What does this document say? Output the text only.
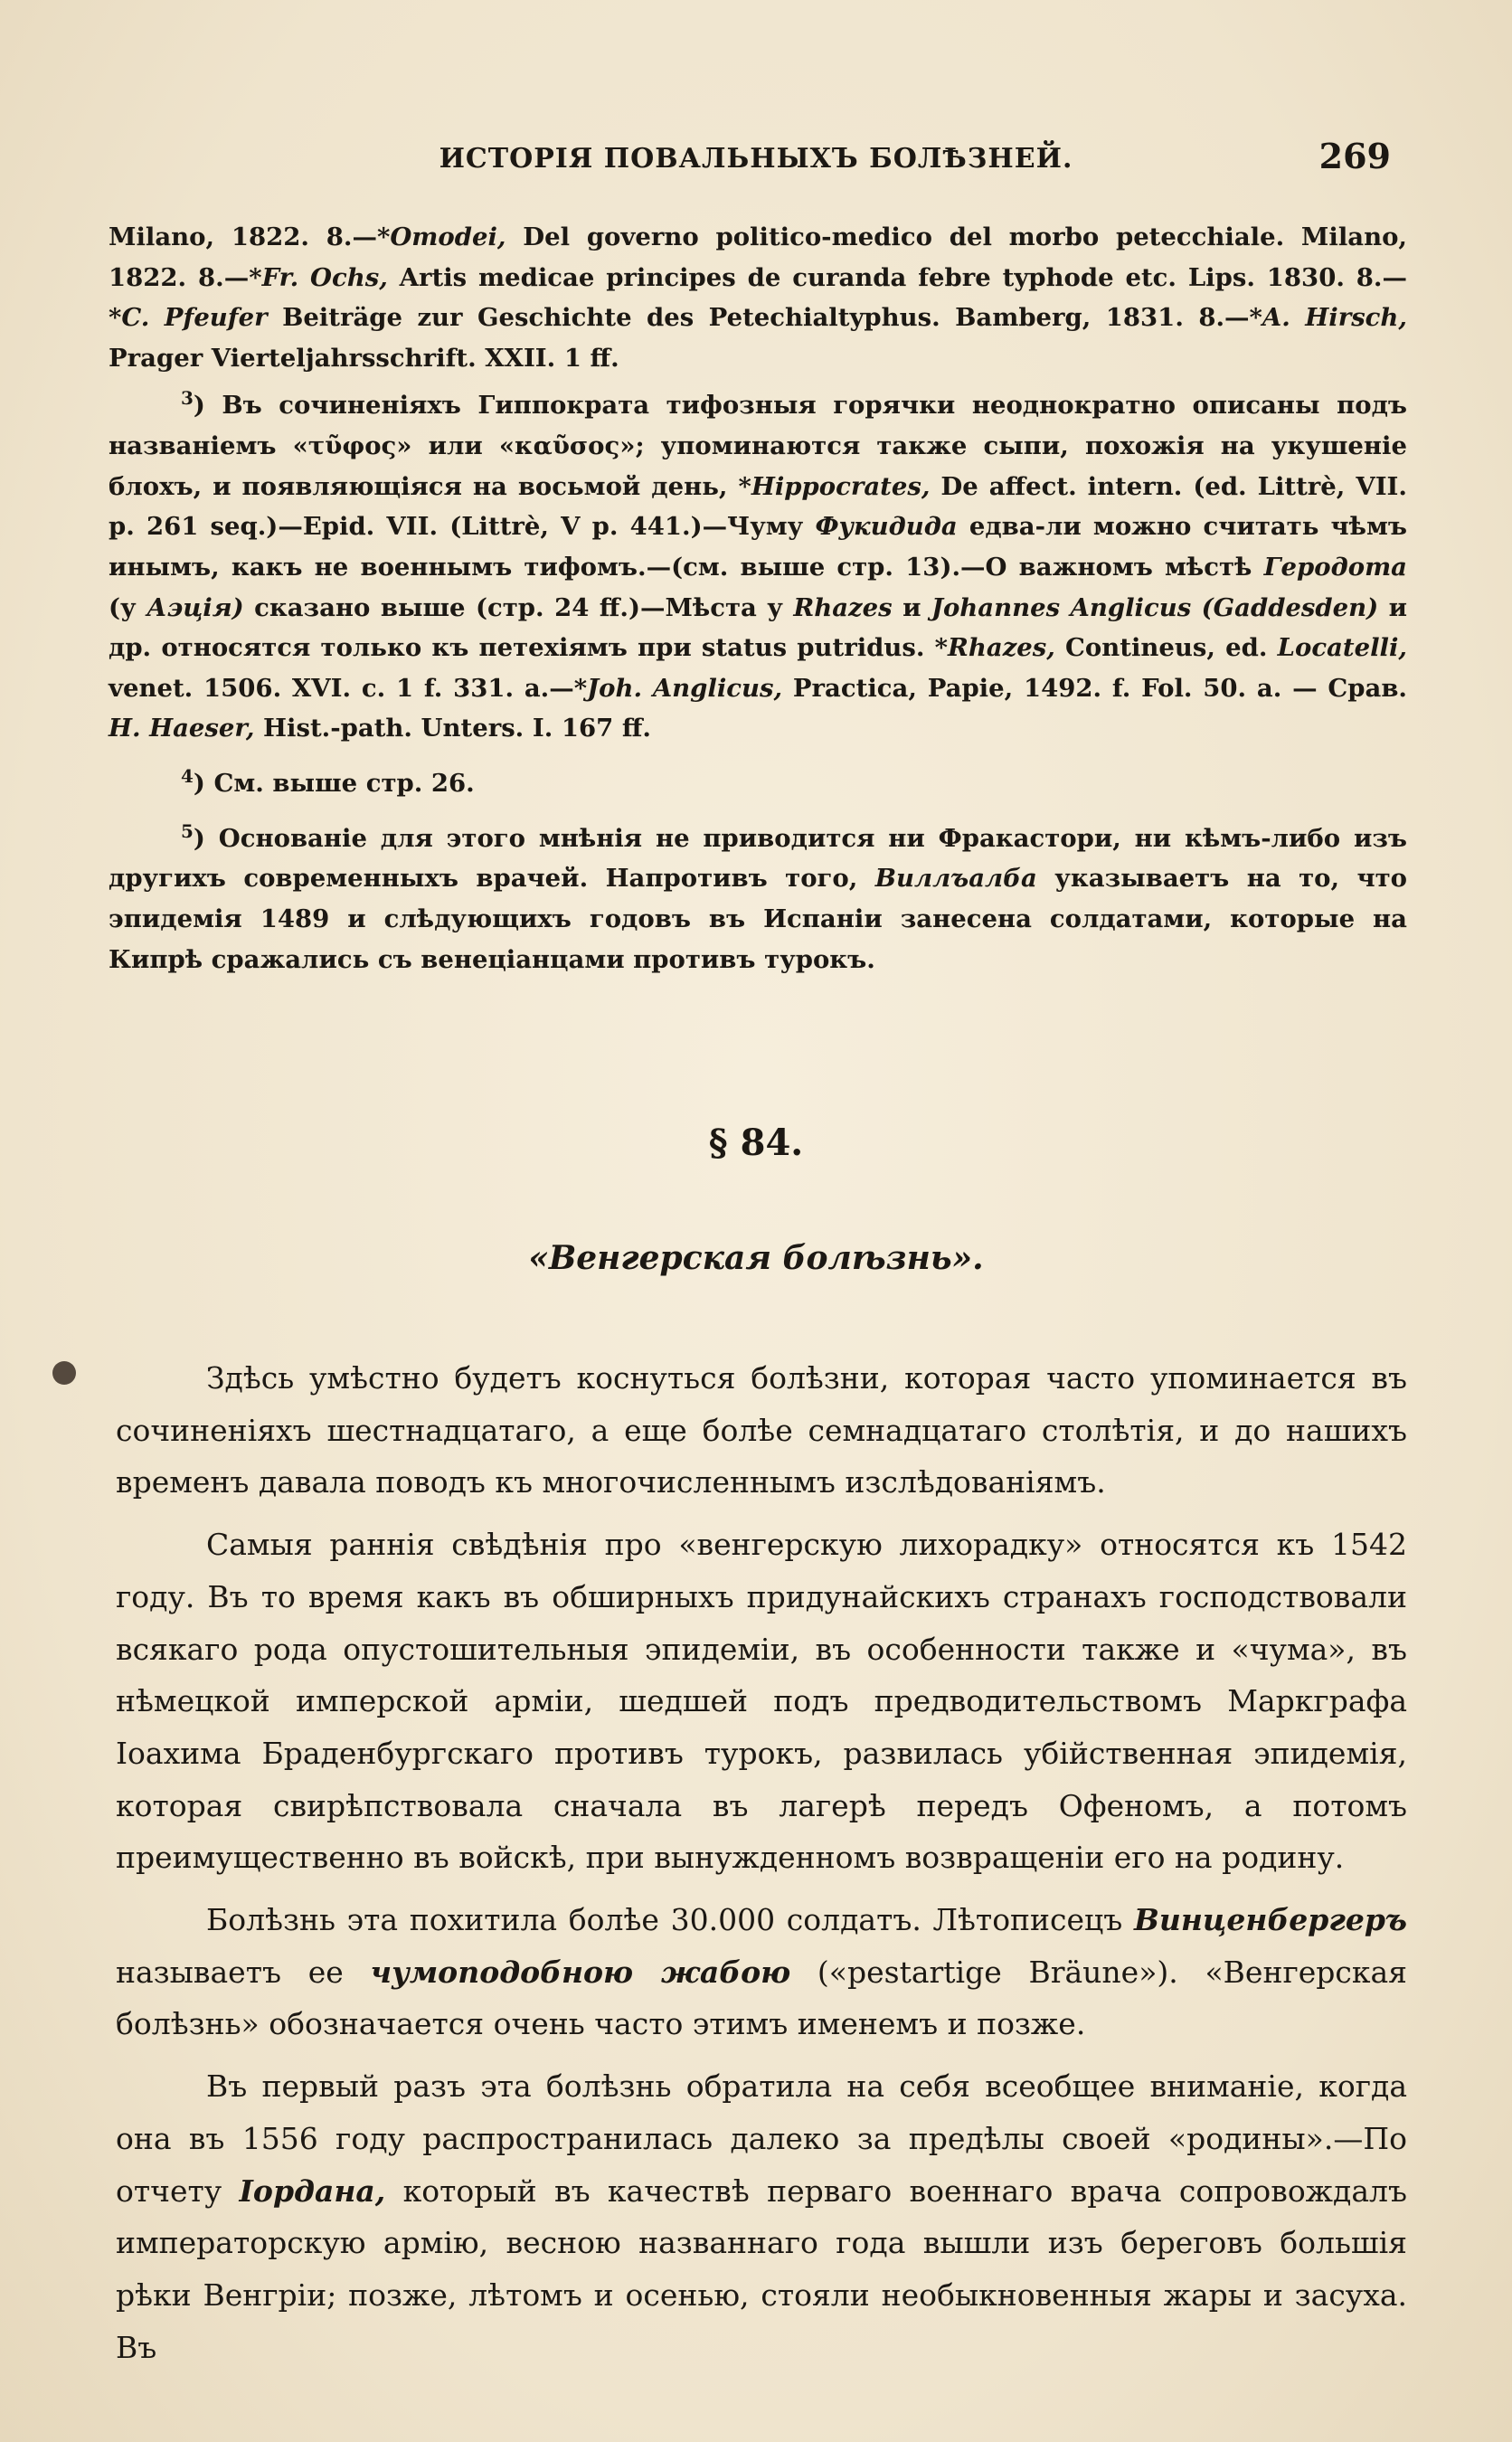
ИСТОРІЯ ПОВАЛЬНЫХЪ БОЛѢЗНЕЙ.	269

Milano, 1822. 8.—*Omodei, Del governo politico-medico del morbo petecchiale. Milano, 1822. 8.—*Fr. Ochs, Artis medicae principes de curanda febre typhode etc. Lips. 1830. 8.—*C. Pfeufer Beiträge zur Geschichte des Petechialtyphus. Bamberg, 1831. 8.—*A. Hirsch, Prager Vierteljahrsschrift. XXII. 1 ff.

$^3$) Въ сочиненіяхъ Гиппократа тифозныя горячки неоднократно описаны подъ названіемъ «τῦφος» или «καῦσος»; упоминаются также сыпи, похожія на укушеніе блохъ, и появляющіяся на восьмой день, *Hippocrates, De affect. intern. (ed. Littrè, VII. p. 261 seq.)—Epid. VII. (Littrè, V p. 441.)—Чуму Фукидида едва-ли можно считать чѣмъ инымъ, какъ не военнымъ тифомъ.—(см. выше стр. 13).—О важномъ мѣстѣ Геродота (у Аэція) сказано выше (стр. 24 ff.)—Мѣста у Rhazes и Johannes Anglicus (Gaddesden) и др. относятся только къ петехіямъ при status putridus. *Rhazes, Contineus, ed. Locatelli, venet. 1506. XVI. c. 1 f. 331. a.—*Joh. Anglicus, Practica, Papie, 1492. f. Fol. 50. a. — Срав. H. Haeser, Hist.-path. Unters. I. 167 ff.

$^4$) См. выше стр. 26.

$^5$) Основаніе для этого мнѣнія не приводится ни Фракастори, ни кѣмъ-либо изъ другихъ современныхъ врачей. Напротивъ того, Виллъалба указываетъ на то, что эпидемія 1489 и слѣдующихъ годовъ въ Испаніи занесена солдатами, которые на Кипрѣ сражались съ венеціанцами противъ турокъ.

§ 84.
«Венгерская болѣзнь».

Здѣсь умѣстно будетъ коснуться болѣзни, которая часто упоминается въ сочиненіяхъ шестнадцатаго, а еще болѣе семнадцатаго столѣтія, и до нашихъ временъ давала поводъ къ многочисленнымъ изслѣдованіямъ.

Самыя раннія свѣдѣнія про «венгерскую лихорадку» относятся къ 1542 году. Въ то время какъ въ обширныхъ придунайскихъ странахъ господствовали всякаго рода опустошительныя эпидеміи, въ особенности также и «чума», въ нѣмецкой имперской арміи, шедшей подъ предводительствомъ Маркграфа Іоахима Браденбургскаго противъ турокъ, развилась убійственная эпидемія, которая свирѣпствовала сначала въ лагерѣ передъ Офеномъ, а потомъ преимущественно въ войскѣ, при вынужденномъ возвращеніи его на родину.

Болѣзнь эта похитила болѣе 30.000 солдатъ. Лѣтописецъ Винценбергеръ называетъ ее чумоподобною жабою («pestartige Bräune»). «Венгерская болѣзнь» обозначается очень часто этимъ именемъ и позже.

Въ первый разъ эта болѣзнь обратила на себя всеобщее вниманіе, когда она въ 1556 году распространилась далеко за предѣлы своей «родины».—По отчету Іордана, который въ качествѣ перваго военнаго врача сопровождалъ императорскую армію, весною названнаго года вышли изъ береговъ большія рѣки Венгріи; позже, лѣтомъ и осенью, стояли необыкновенныя жары и засуха. Въ
